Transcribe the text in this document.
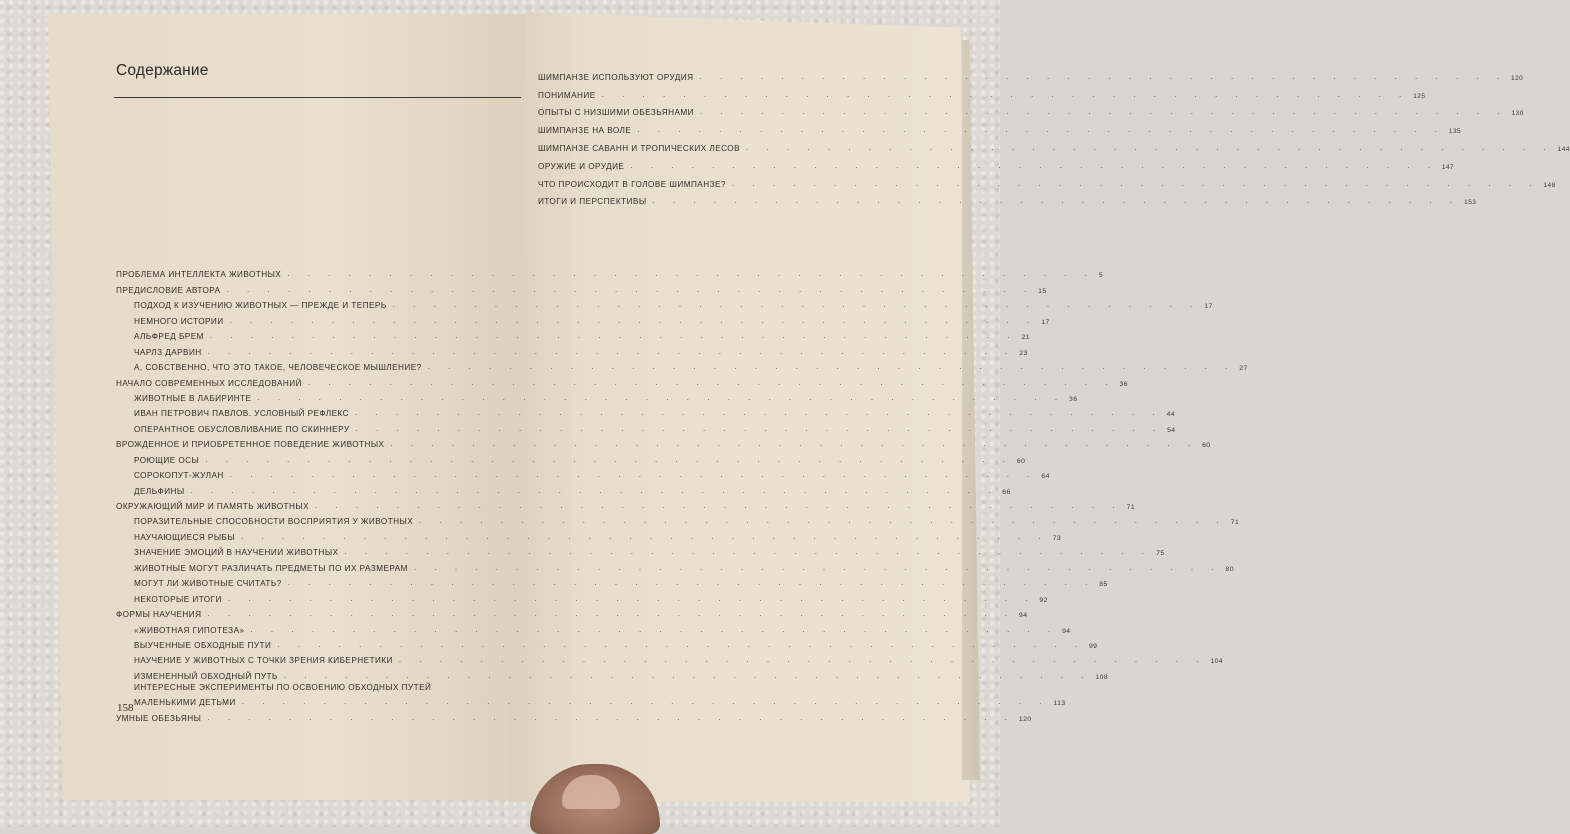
Содержание
ПРОБЛЕМА ИНТЕЛЛЕКТА ЖИВОТНЫХ . . . . . . . . . . . . . . . . . . . . . . . . . . . . . . . . . . . . . . . . 5
ПРЕДИСЛОВИЕ АВТОРА . . . . . . . . . . . . . . . . . . . . . . . . . . . . . . . . . . . . . . . . 15
ПОДХОД К ИЗУЧЕНИЮ ЖИВОТНЫХ — ПРЕЖДЕ И ТЕПЕРЬ . . . . . . . . . . . . . . . . . . . . . . . . . . . . . . . . . . . . . . . . 17
НЕМНОГО ИСТОРИИ . . . . . . . . . . . . . . . . . . . . . . . . . . . . . . . . . . . . . . . . 17
АЛЬФРЕД БРЕМ . . . . . . . . . . . . . . . . . . . . . . . . . . . . . . . . . . . . . . . . 21
ЧАРЛЗ ДАРВИН . . . . . . . . . . . . . . . . . . . . . . . . . . . . . . . . . . . . . . . . 23
А, СОБСТВЕННО, ЧТО ЭТО ТАКОЕ, ЧЕЛОВЕЧЕСКОЕ МЫШЛЕНИЕ? . . . . . . . . . . . . . . . . . . . . . . . . . . . . . . . . . . . . . . . . 27
НАЧАЛО СОВРЕМЕННЫХ ИССЛЕДОВАНИЙ . . . . . . . . . . . . . . . . . . . . . . . . . . . . . . . . . . . . . . . . 36
ЖИВОТНЫЕ В ЛАБИРИНТЕ . . . . . . . . . . . . . . . . . . . . . . . . . . . . . . . . . . . . . . . . 36
ИВАН ПЕТРОВИЧ ПАВЛОВ. УСЛОВНЫЙ РЕФЛЕКС . . . . . . . . . . . . . . . . . . . . . . . . . . . . . . . . . . . . . . . . 44
ОПЕРАНТНОЕ ОБУСЛОВЛИВАНИЕ ПО СКИННЕРУ . . . . . . . . . . . . . . . . . . . . . . . . . . . . . . . . . . . . . . . . 54
ВРОЖДЕННОЕ И ПРИОБРЕТЕННОЕ ПОВЕДЕНИЕ ЖИВОТНЫХ . . . . . . . . . . . . . . . . . . . . . . . . . . . . . . . . . . . . . . . . 60
РОЮЩИЕ ОСЫ . . . . . . . . . . . . . . . . . . . . . . . . . . . . . . . . . . . . . . . . 60
СОРОКОПУТ-ЖУЛАН . . . . . . . . . . . . . . . . . . . . . . . . . . . . . . . . . . . . . . . . 64
ДЕЛЬФИНЫ . . . . . . . . . . . . . . . . . . . . . . . . . . . . . . . . . . . . . . . . 66
ОКРУЖАЮЩИЙ МИР И ПАМЯТЬ ЖИВОТНЫХ . . . . . . . . . . . . . . . . . . . . . . . . . . . . . . . . . . . . . . . . 71
ПОРАЗИТЕЛЬНЫЕ СПОСОБНОСТИ ВОСПРИЯТИЯ У ЖИВОТНЫХ . . . . . . . . . . . . . . . . . . . . . . . . . . . . . . . . . . . . . . . . 71
НАУЧАЮЩИЕСЯ РЫБЫ . . . . . . . . . . . . . . . . . . . . . . . . . . . . . . . . . . . . . . . . 73
ЗНАЧЕНИЕ ЭМОЦИЙ В НАУЧЕНИИ ЖИВОТНЫХ . . . . . . . . . . . . . . . . . . . . . . . . . . . . . . . . . . . . . . . . 75
ЖИВОТНЫЕ МОГУТ РАЗЛИЧАТЬ ПРЕДМЕТЫ ПО ИХ РАЗМЕРАМ . . . . . . . . . . . . . . . . . . . . . . . . . . . . . . . . . . . . . . . . 80
МОГУТ ЛИ ЖИВОТНЫЕ СЧИТАТЬ? . . . . . . . . . . . . . . . . . . . . . . . . . . . . . . . . . . . . . . . . 85
НЕКОТОРЫЕ ИТОГИ . . . . . . . . . . . . . . . . . . . . . . . . . . . . . . . . . . . . . . . . 92
ФОРМЫ НАУЧЕНИЯ . . . . . . . . . . . . . . . . . . . . . . . . . . . . . . . . . . . . . . . . 94
«ЖИВОТНАЯ ГИПОТЕЗА» . . . . . . . . . . . . . . . . . . . . . . . . . . . . . . . . . . . . . . . . 94
ВЫУЧЕННЫЕ ОБХОДНЫЕ ПУТИ . . . . . . . . . . . . . . . . . . . . . . . . . . . . . . . . . . . . . . . . 99
НАУЧЕНИЕ У ЖИВОТНЫХ С ТОЧКИ ЗРЕНИЯ КИБЕРНЕТИКИ . . . . . . . . . . . . . . . . . . . . . . . . . . . . . . . . . . . . . . . . 104
ИЗМЕНЕННЫЙ ОБХОДНЫЙ ПУТЬ . . . . . . . . . . . . . . . . . . . . . . . . . . . . . . . . . . . . . . . . 108
ИНТЕРЕСНЫЕ ЭКСПЕРИМЕНТЫ ПО ОСВОЕНИЮ ОБХОДНЫХ ПУТЕЙ
МАЛЕНЬКИМИ ДЕТЬМИ . . . . . . . . . . . . . . . . . . . . . . . . . . . . . . . . . . . . . . . . 113
УМНЫЕ ОБЕЗЬЯНЫ . . . . . . . . . . . . . . . . . . . . . . . . . . . . . . . . . . . . . . . . 120
ШИМПАНЗЕ ИСПОЛЬЗУЮТ ОРУДИЯ . . . . . . . . . . . . . . . . . . . . . . . . . . . . . . . . . . . . . . . . 120
ПОНИМАНИЕ . . . . . . . . . . . . . . . . . . . . . . . . . . . . . . . . . . . . . . . . 125
ОПЫТЫ С НИЗШИМИ ОБЕЗЬЯНАМИ . . . . . . . . . . . . . . . . . . . . . . . . . . . . . . . . . . . . . . . . 130
ШИМПАНЗЕ НА ВОЛЕ . . . . . . . . . . . . . . . . . . . . . . . . . . . . . . . . . . . . . . . . 135
ШИМПАНЗЕ САВАНН И ТРОПИЧЕСКИХ ЛЕСОВ . . . . . . . . . . . . . . . . . . . . . . . . . . . . . . . . . . . . . . . . 144
ОРУЖИЕ И ОРУДИЕ . . . . . . . . . . . . . . . . . . . . . . . . . . . . . . . . . . . . . . . . 147
ЧТО ПРОИСХОДИТ В ГОЛОВЕ ШИМПАНЗЕ? . . . . . . . . . . . . . . . . . . . . . . . . . . . . . . . . . . . . . . . . 148
ИТОГИ И ПЕРСПЕКТИВЫ . . . . . . . . . . . . . . . . . . . . . . . . . . . . . . . . . . . . . . . . 153
158
